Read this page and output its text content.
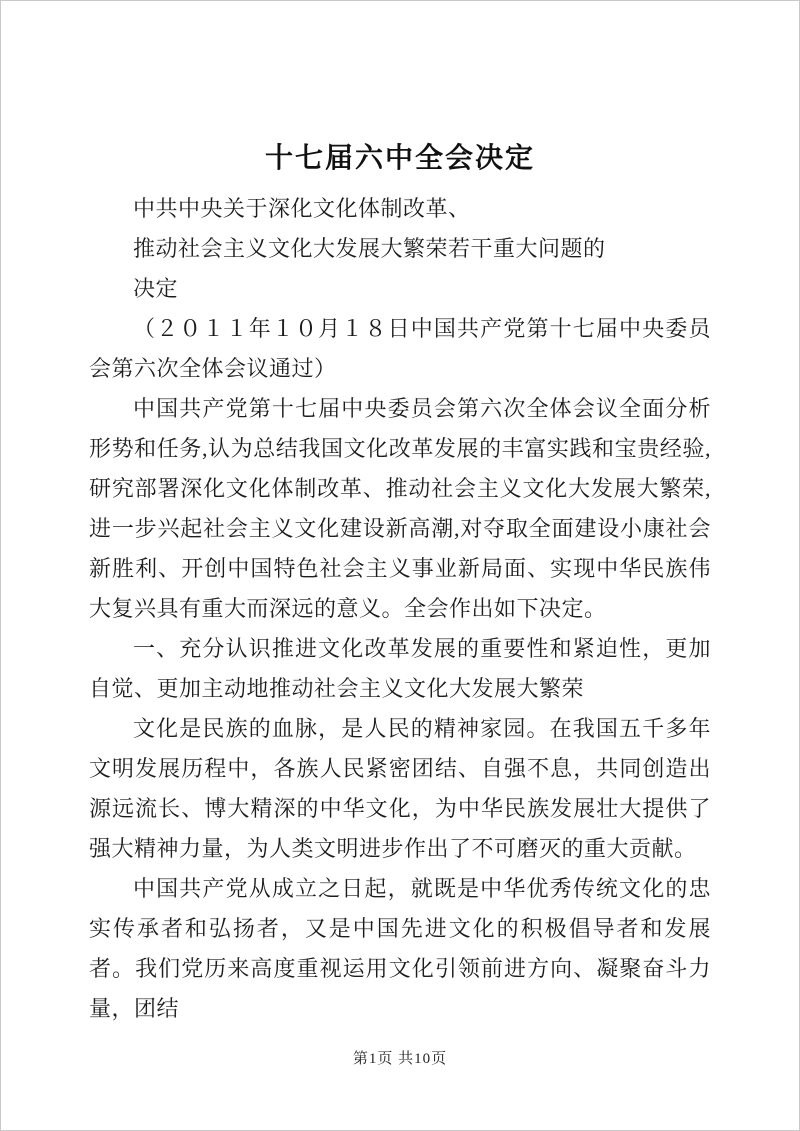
十七届六中全会决定

中共中央关于深化文化体制改革、

推动社会主义文化大发展大繁荣若干重大问题的

决定

（２０１１年１０月１８日中国共产党第十七届中央委员会第六次全体会议通过）

中国共产党第十七届中央委员会第六次全体会议全面分析形势和任务,认为总结我国文化改革发展的丰富实践和宝贵经验,研究部署深化文化体制改革、推动社会主义文化大发展大繁荣,进一步兴起社会主义文化建设新高潮,对夺取全面建设小康社会新胜利、开创中国特色社会主义事业新局面、实现中华民族伟大复兴具有重大而深远的意义。全会作出如下决定。

一、充分认识推进文化改革发展的重要性和紧迫性，更加自觉、更加主动地推动社会主义文化大发展大繁荣

文化是民族的血脉，是人民的精神家园。在我国五千多年文明发展历程中，各族人民紧密团结、自强不息，共同创造出源远流长、博大精深的中华文化，为中华民族发展壮大提供了强大精神力量，为人类文明进步作出了不可磨灭的重大贡献。

中国共产党从成立之日起，就既是中华优秀传统文化的忠实传承者和弘扬者，又是中国先进文化的积极倡导者和发展者。我们党历来高度重视运用文化引领前进方向、凝聚奋斗力量，团结

第1页 共10页
